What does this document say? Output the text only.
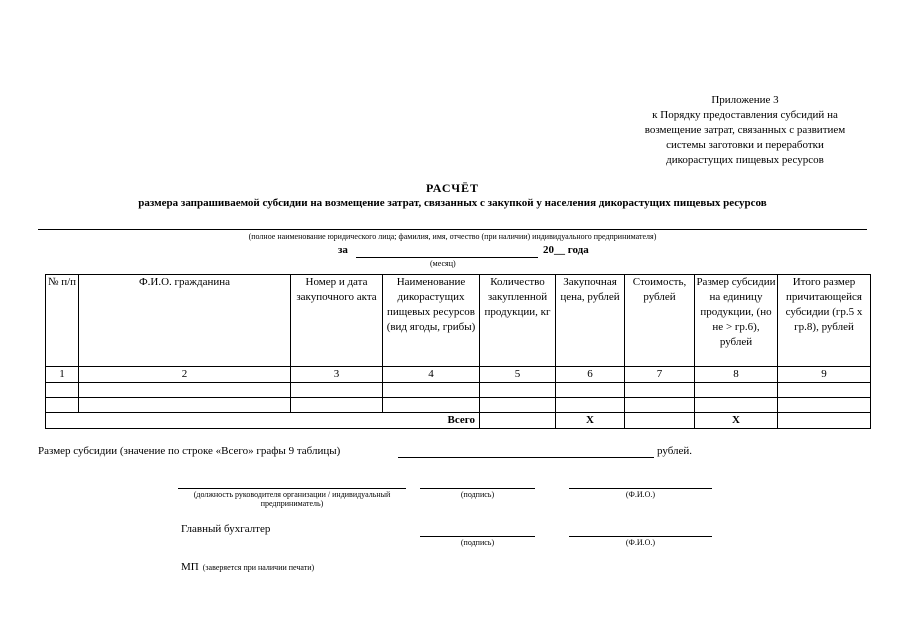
Приложение 3
к Порядку предоставления субсидий на
возмещение затрат, связанных с развитием
системы заготовки и переработки
дикорастущих пищевых ресурсов
РАСЧЁТ
размера запрашиваемой субсидии на возмещение затрат, связанных с закупкой у населения дикорастущих пищевых ресурсов
(полное наименование юридического лица; фамилия, имя, отчество (при наличии) индивидуального предпринимателя)
за	20__ года
(месяц)
№ п/п	Ф.И.О. гражданина	Номер и дата закупочного акта	Наименование дикорастущих пищевых ресурсов (вид ягоды, грибы)	Количество закупленной продукции, кг	Закупочная цена, рублей	Стоимость, рублей	Размер субсидии на единицу продукции, (но не > гр.6), рублей	Итого размер причитающейся субсидии (гр.5 x гр.8), рублей
1	2	3	4	5	6	7	8	9

Всего					X		X	
Размер субсидии (значение по строке «Всего» графы 9 таблицы)	рублей.
(должность руководителя организации / индивидуальный предприниматель)
(подпись)	(Ф.И.О.)
Главный бухгалтер
(подпись)	(Ф.И.О.)
МП (заверяется при наличии печати)
